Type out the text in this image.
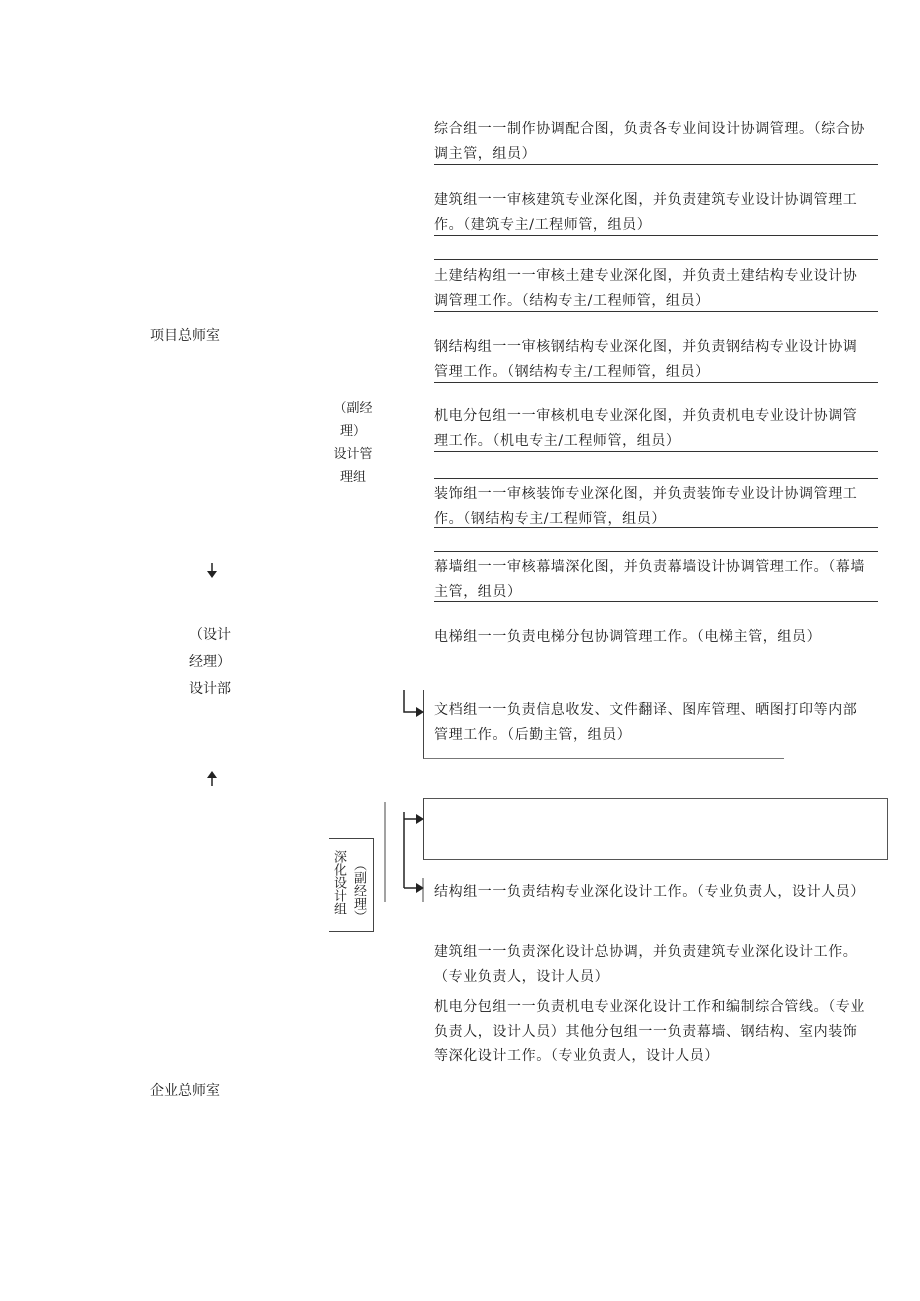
项目总师室
（设计经理）
设计部
企业总师室
（副经理）
设计管理组
综合组一一制作协调配合图，负责各专业间设计协调管理。（综合协调主管，组员）
建筑组一一审核建筑专业深化图，并负责建筑专业设计协调管理工作。（建筑专主/工程师管，组员）
土建结构组一一审核土建专业深化图，并负责土建结构专业设计协调管理工作。（结构专主/工程师管，组员）
钢结构组一一审核钢结构专业深化图，并负责钢结构专业设计协调管理工作。（钢结构专主/工程师管，组员）
机电分包组一一审核机电专业深化图，并负责机电专业设计协调管理工作。（机电专主/工程师管，组员）
装饰组一一审核装饰专业深化图，并负责装饰专业设计协调管理工作。（钢结构专主/工程师管，组员）
幕墙组一一审核幕墙深化图，并负责幕墙设计协调管理工作。（幕墙主管，组员）
电梯组一一负责电梯分包协调管理工作。（电梯主管，组员）
文档组一一负责信息收发、文件翻译、图库管理、晒图打印等内部管理工作。（后勤主管，组员）
深化设计组 （副经理）	结构组一一负责结构专业深化设计工作。（专业负责人，设计人员）
建筑组一一负责深化设计总协调，并负责建筑专业深化设计工作。（专业负责人，设计人员）
机电分包组一一负责机电专业深化设计工作和编制综合管线。（专业负责人，设计人员）其他分包组一一负责幕墙、钢结构、室内装饰等深化设计工作。（专业负责人，设计人员）
